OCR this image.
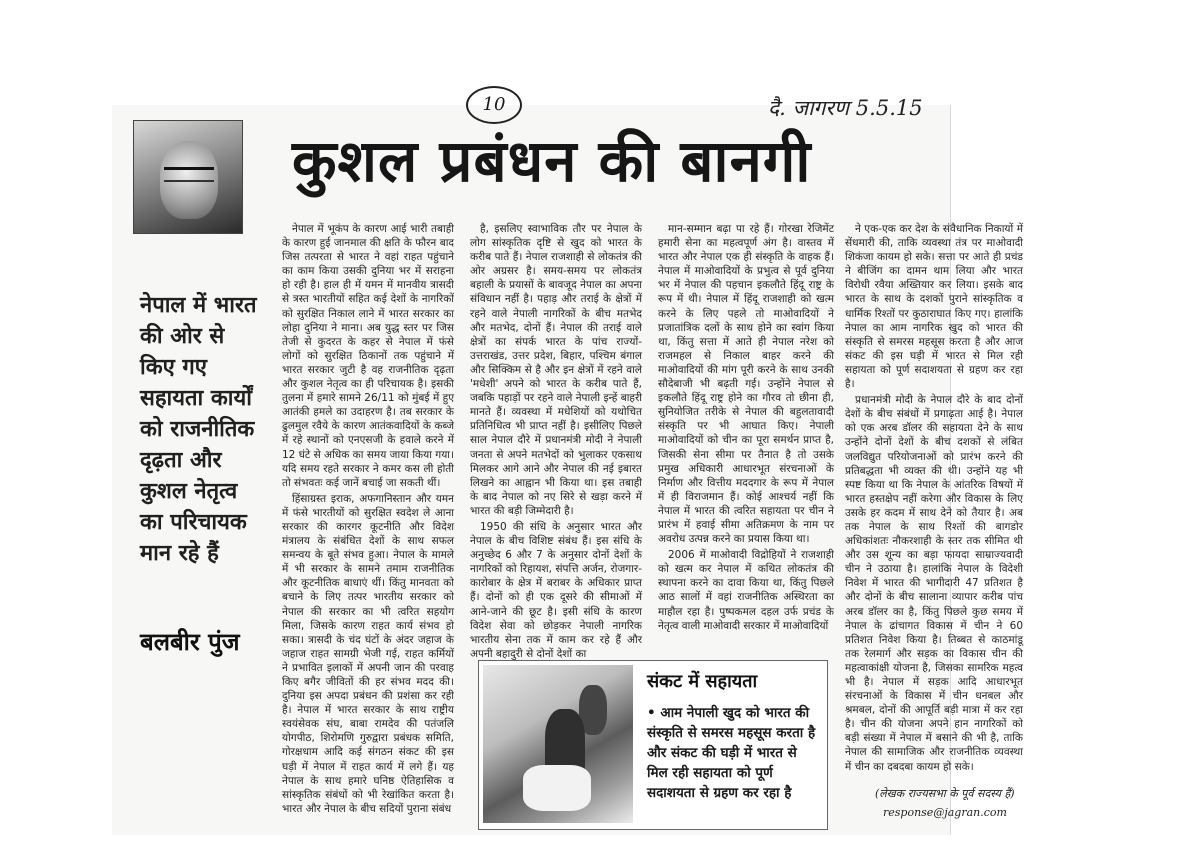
10	दै. जागरण 5.5.15
कुशल प्रबंधन की बानगी
नेपाल में भारत की ओर से किए गए सहायता कार्यों को राजनीतिक दृढ़ता और कुशल नेतृत्व का परिचायक मान रहे हैं
बलबीर पुंज

नेपाल में भूकंप के कारण आई भारी तबाही के कारण हुई जानमाल की क्षति के फौरन बाद जिस तत्परता से भारत ने वहां राहत पहुंचाने का काम किया उसकी दुनिया भर में सराहना हो रही है। हाल ही में यमन में मानवीय त्रासदी से त्रस्त भारतीयों सहित कई देशों के नागरिकों को सुरक्षित निकाल लाने में भारत सरकार का लोहा दुनिया ने माना। अब युद्ध स्तर पर जिस तेजी से कुदरत के कहर से नेपाल में फंसे लोगों को सुरक्षित ठिकानों तक पहुंचाने में भारत सरकार जुटी है वह राजनीतिक दृढ़ता और कुशल नेतृत्व का ही परिचायक है। इसकी तुलना में हमारे सामने 26/11 को मुंबई में हुए आतंकी हमले का उदाहरण है। तब सरकार के ढुलमुल रवैये के कारण आतंकवादियों के कब्जे में रहे स्थानों को एनएसजी के हवाले करने में 12 घंटे से अधिक का समय जाया किया गया। यदि समय रहते सरकार ने कमर कस ली होती तो संभवतः कई जानें बचाई जा सकती थीं।

हिंसाग्रस्त इराक, अफगानिस्तान और यमन में फंसे भारतीयों को सुरक्षित स्वदेश ले आना सरकार की कारगर कूटनीति और विदेश मंत्रालय के संबंधित देशों के साथ सफल समन्वय के बूते संभव हुआ। नेपाल के मामले में भी सरकार के सामने तमाम राजनीतिक और कूटनीतिक बाधाएं थीं। किंतु मानवता को बचाने के लिए तत्पर भारतीय सरकार को नेपाल की सरकार का भी त्वरित सहयोग मिला, जिसके कारण राहत कार्य संभव हो सका। त्रासदी के चंद घंटों के अंदर जहाज के जहाज राहत सामग्री भेजी गई, राहत कर्मियों ने प्रभावित इलाकों में अपनी जान की परवाह किए बगैर जीवितों की हर संभव मदद की। दुनिया इस अपदा प्रबंधन की प्रशंसा कर रही है। नेपाल में भारत सरकार के साथ राष्ट्रीय स्वयंसेवक संघ, बाबा रामदेव की पतंजलि योगपीठ, शिरोमणि गुरुद्वारा प्रबंधक समिति, गोरक्षधाम आदि कई संगठन संकट की इस घड़ी में नेपाल में राहत कार्य में लगे हैं। यह नेपाल के साथ हमारे घनिष्ठ ऐतिहासिक व सांस्कृतिक संबंधों को भी रेखांकित करता है। भारत और नेपाल के बीच सदियों पुराना संबंध

है, इसलिए स्वाभाविक तौर पर नेपाल के लोग सांस्कृतिक दृष्टि से खुद को भारत के करीब पाते हैं। नेपाल राजशाही से लोकतंत्र की ओर अग्रसर है। समय-समय पर लोकतंत्र बहाली के प्रयासों के बावजूद नेपाल का अपना संविधान नहीं है। पहाड़ और तराई के क्षेत्रों में रहने वाले नेपाली नागरिकों के बीच मतभेद और मतभेद, दोनों हैं। नेपाल की तराई वाले क्षेत्रों का संपर्क भारत के पांच राज्यों-उत्तराखंड, उत्तर प्रदेश, बिहार, पश्चिम बंगाल और सिक्किम से है और इन क्षेत्रों में रहने वाले 'मधेशी' अपने को भारत के करीब पाते हैं, जबकि पहाड़ों पर रहने वाले नेपाली इन्हें बाहरी मानते हैं। व्यवस्था में मधेशियों को यथोचित प्रतिनिधित्व भी प्राप्त नहीं है। इसीलिए पिछले साल नेपाल दौरे में प्रधानमंत्री मोदी ने नेपाली जनता से अपने मतभेदों को भुलाकर एकसाथ मिलकर आगे आने और नेपाल की नई इबारत लिखने का आह्वान भी किया था। इस तबाही के बाद नेपाल को नए सिरे से खड़ा करने में भारत की बड़ी जिम्मेदारी है।

1950 की संधि के अनुसार भारत और नेपाल के बीच विशिष्ट संबंध हैं। इस संधि के अनुच्छेद 6 और 7 के अनुसार दोनों देशों के नागरिकों को रिहायश, संपत्ति अर्जन, रोजगार-कारोबार के क्षेत्र में बराबर के अधिकार प्राप्त हैं। दोनों को ही एक दूसरे की सीमाओं में आने-जाने की छूट है। इसी संधि के कारण विदेश सेवा को छोड़कर नेपाली नागरिक भारतीय सेना तक में काम कर रहे हैं और अपनी बहादुरी से दोनों देशों का

मान-सम्मान बढ़ा पा रहे हैं। गोरखा रेजिमेंट हमारी सेना का महत्वपूर्ण अंग है। वास्तव में भारत और नेपाल एक ही संस्कृति के वाहक हैं। नेपाल में माओवादियों के प्रभुत्व से पूर्व दुनिया भर में नेपाल की पहचान इकलौते हिंदू राष्ट्र के रूप में थी। नेपाल में हिंदू राजशाही को खत्म करने के लिए पहले तो माओवादियों ने प्रजातांत्रिक दलों के साथ होने का स्वांग किया था, किंतु सत्ता में आते ही नेपाल नरेश को राजमहल से निकाल बाहर करने की माओवादियों की मांग पूरी करने के साथ उनकी सौदेबाजी भी बढ़ती गई। उन्होंने नेपाल से इकलौते हिंदू राष्ट्र होने का गौरव तो छीना ही, सुनियोजित तरीके से नेपाल की बहुलतावादी संस्कृति पर भी आघात किए। नेपाली माओवादियों को चीन का पूरा समर्थन प्राप्त है, जिसकी सेना सीमा पर तैनात है तो उसके प्रमुख अधिकारी आधारभूत संरचनाओं के निर्माण और वित्तीय मददगार के रूप में नेपाल में ही विराजमान हैं। कोई आश्चर्य नहीं कि नेपाल में भारत की त्वरित सहायता पर चीन ने प्रारंभ में हवाई सीमा अतिक्रमण के नाम पर अवरोध उत्पन्न करने का प्रयास किया था।

2006 में माओवादी विद्रोहियों ने राजशाही को खत्म कर नेपाल में कथित लोकतंत्र की स्थापना करने का दावा किया था, किंतु पिछले आठ सालों में वहां राजनीतिक अस्थिरता का माहौल रहा है। पुष्पकमल दहल उर्फ प्रचंड के नेतृत्व वाली माओवादी सरकार में माओवादियों

ने एक-एक कर देश के संवैधानिक निकायों में सेंधमारी की, ताकि व्यवस्था तंत्र पर माओवादी शिकंजा कायम हो सके। सत्ता पर आते ही प्रचंड ने बीजिंग का दामन थाम लिया और भारत विरोधी रवैया अख्तियार कर लिया। इसके बाद भारत के साथ के दशकों पुराने सांस्कृतिक व धार्मिक रिश्तों पर कुठाराघात किए गए। हालांकि नेपाल का आम नागरिक खुद को भारत की संस्कृति से समरस महसूस करता है और आज संकट की इस घड़ी में भारत से मिल रही सहायता को पूर्ण सदाशयता से ग्रहण कर रहा है।

प्रधानमंत्री मोदी के नेपाल दौरे के बाद दोनों देशों के बीच संबंधों में प्रगाढ़ता आई है। नेपाल को एक अरब डॉलर की सहायता देने के साथ उन्होंने दोनों देशों के बीच दशकों से लंबित जलविद्युत परियोजनाओं को प्रारंभ करने की प्रतिबद्धता भी व्यक्त की थी। उन्होंने यह भी स्पष्ट किया था कि नेपाल के आंतरिक विषयों में भारत हस्तक्षेप नहीं करेगा और विकास के लिए उसके हर कदम में साथ देने को तैयार है। अब तक नेपाल के साथ रिश्तों की बागडोर अधिकांशतः नौकरशाही के स्तर तक सीमित थी और उस शून्य का बड़ा फायदा साम्राज्यवादी चीन ने उठाया है। हालांकि नेपाल के विदेशी निवेश में भारत की भागीदारी 47 प्रतिशत है और दोनों के बीच सालाना व्यापार करीब पांच अरब डॉलर का है, किंतु पिछले कुछ समय में नेपाल के ढांचागत विकास में चीन ने 60 प्रतिशत निवेश किया है। तिब्बत से काठमांडू तक रेलमार्ग और सड़क का विकास चीन की महत्वाकांक्षी योजना है, जिसका सामरिक महत्व भी है। नेपाल में सड़क आदि आधारभूत संरचनाओं के विकास में चीन धनबल और श्रमबल, दोनों की आपूर्ति बड़ी मात्रा में कर रहा है। चीन की योजना अपने हान नागरिकों को बड़ी संख्या में नेपाल में बसाने की भी है, ताकि नेपाल की सामाजिक और राजनीतिक व्यवस्था में चीन का दबदबा कायम हो सके।

संकट में सहायता
• आम नेपाली खुद को भारत की संस्कृति से समरस महसूस करता है और संकट की घड़ी में भारत से मिल रही सहायता को पूर्ण सदाशयता से ग्रहण कर रहा है	(लेखक राज्यसभा के पूर्व सदस्य हैं)
response@jagran.com
